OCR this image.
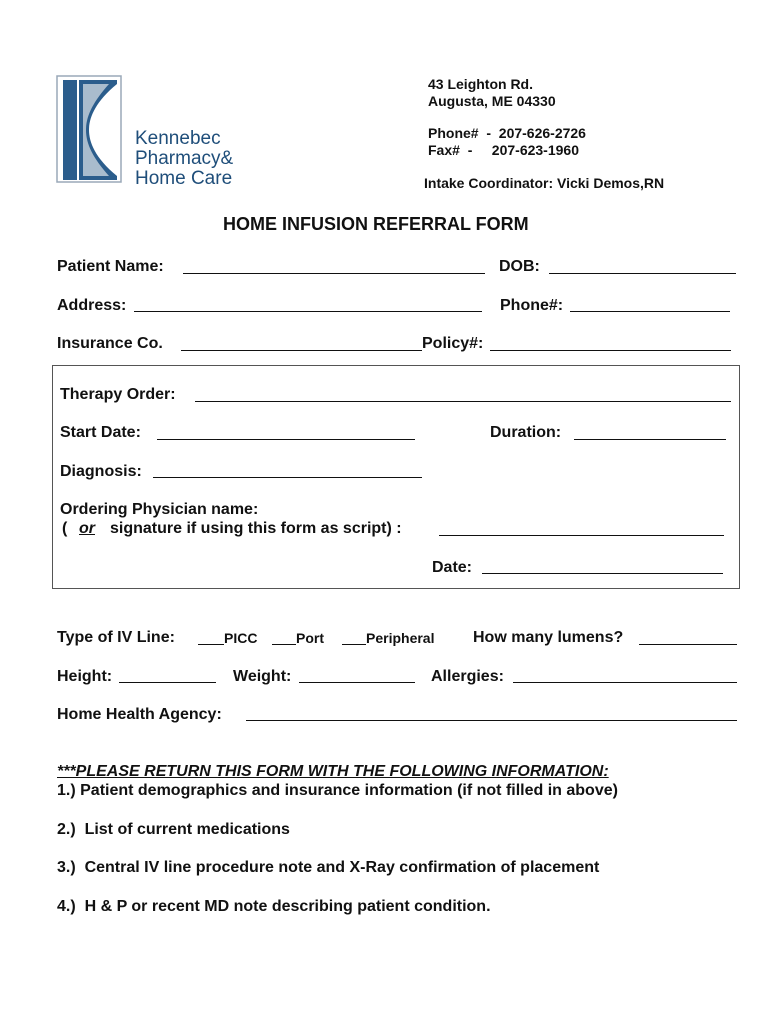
Kennebec
Pharmacy&
Home Care
43 Leighton Rd.
Augusta, ME 04330
Phone#  -  207-626-2726
Fax#  -     207-623-1960
Intake Coordinator: Vicki Demos,RN
HOME INFUSION REFERRAL FORM
Patient Name:	DOB:
Address:	Phone#:
Insurance Co.	Policy#:
Therapy Order:
Start Date:	Duration:
Diagnosis:
Ordering Physician name:
( or signature if using this form as script) :
Date:
Type of IV Line:	PICC	Port	Peripheral How many lumens?
Height:	Weight:	Allergies:
Home Health Agency:
***PLEASE RETURN THIS FORM WITH THE FOLLOWING INFORMATION:
1.) Patient demographics and insurance information (if not filled in above)
2.)  List of current medications
3.)  Central IV line procedure note and X-Ray confirmation of placement
4.)  H & P or recent MD note describing patient condition.
